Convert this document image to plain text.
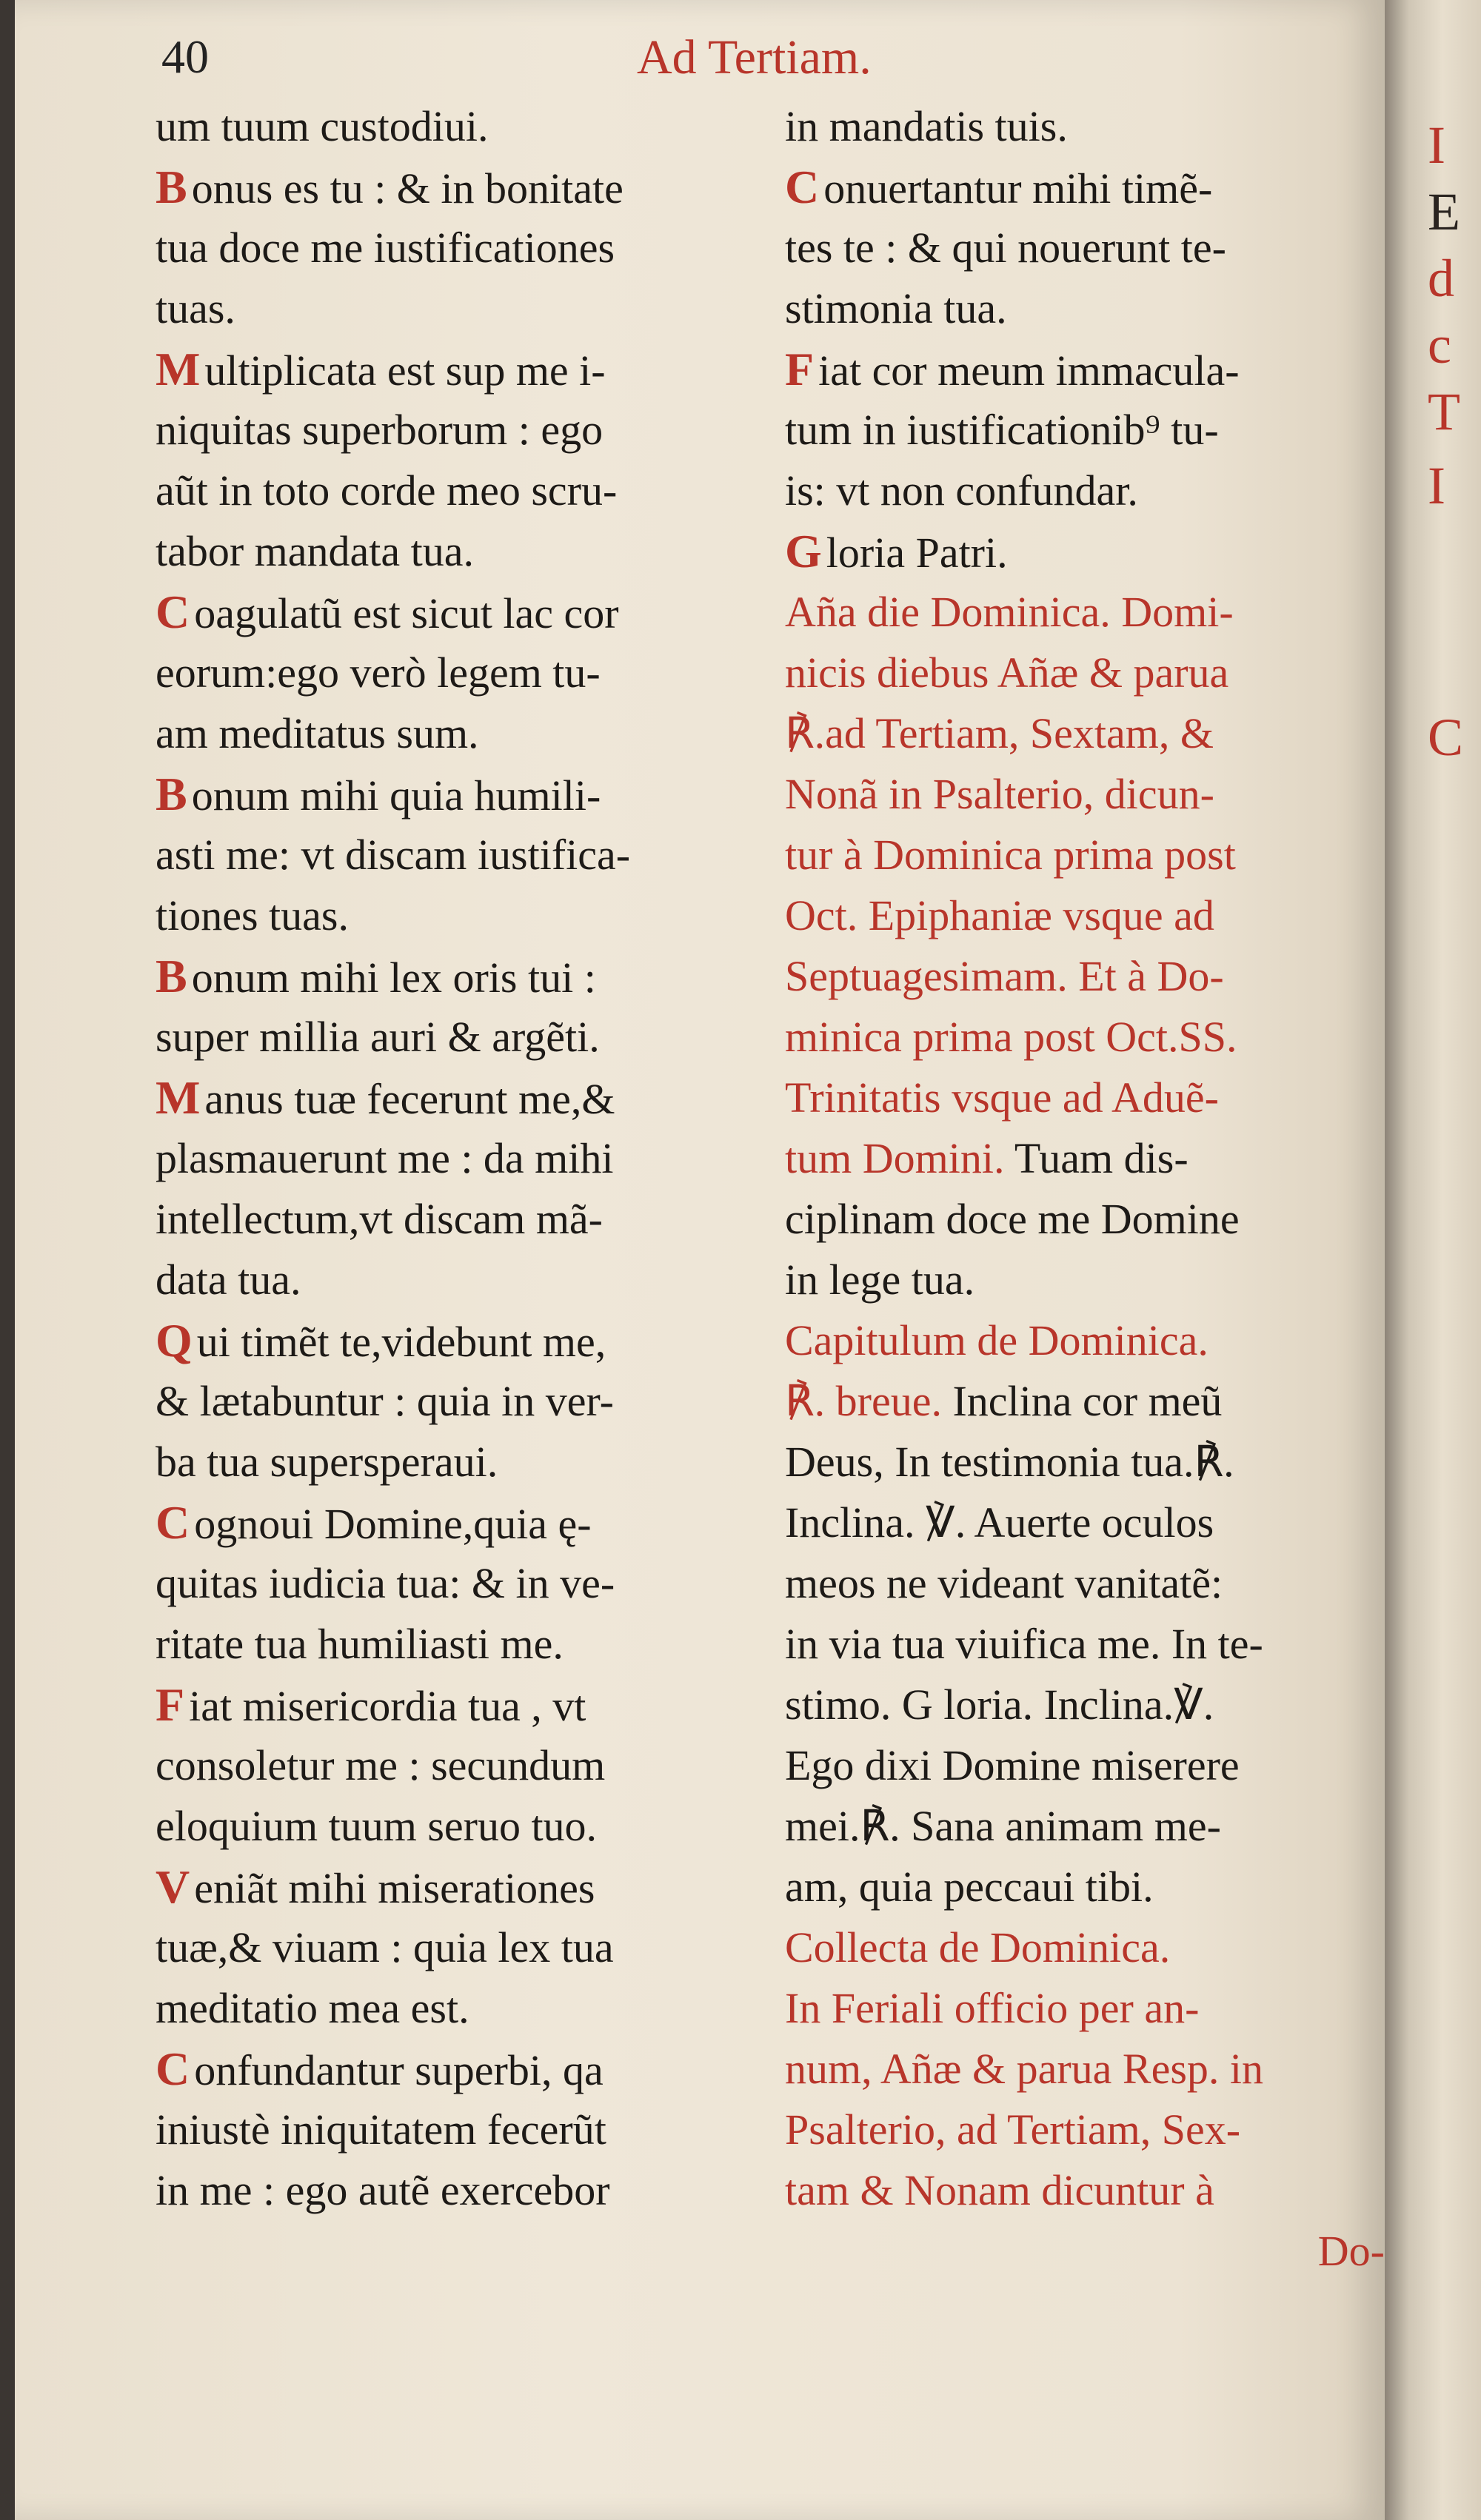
40	Ad Tertiam.
um tuum custodiui.
B onus es tu : & in bonitate
tua doce me iustificationes
tuas.
M ultiplicata est sup me i-
niquitas superborum : ego
aũt in toto corde meo scru-
tabor mandata tua.
C oagulatũ est sicut lac cor
eorum:ego verò legem tu-
am meditatus sum.
B onum mihi quia humili-
asti me: vt discam iustifica-
tiones tuas.
B onum mihi lex oris tui :
super millia auri & argẽti.
M anus tuæ fecerunt me,&
plasmauerunt me : da mihi
intellectum,vt discam mã-
data tua.
Q ui timẽt te,videbunt me,
& lætabuntur : quia in ver-
ba tua supersperaui.
C ognoui Domine,quia ę-
quitas iudicia tua: & in ve-
ritate tua humiliasti me.
F iat misericordia tua , vt
consoletur me : secundum
eloquium tuum seruo tuo.
V eniãt mihi miserationes
tuæ,& viuam : quia lex tua
meditatio mea est.
C onfundantur superbi, qa
iniustè iniquitatem fecerũt
in me : ego autẽ exercebor
in mandatis tuis.
C onuertantur mihi timẽ-
tes te : & qui nouerunt te-
stimonia tua.
F iat cor meum immacula-
tum in iustificationib⁹ tu-
is: vt non confundar.
G loria Patri.
Aña die Dominica. Domi-
nicis diebus Añæ & parua
℟.ad Tertiam, Sextam, &
Nonã in Psalterio, dicun-
tur à Dominica prima post
Oct. Epiphaniæ vsque ad
Septuagesimam. Et à Do-
minica prima post Oct.SS.
Trinitatis vsque ad Aduẽ-
tum Domini. Tuam dis-
ciplinam doce me Domine
in lege tua.
Capitulum de Dominica.
℟. breue. Inclina cor meũ
Deus, In testimonia tua.℟.
Inclina. ℣. Auerte oculos
meos ne videant vanitatẽ:
in via tua viuifica me. In te-
stimo. G loria. Inclina.℣.
Ego dixi Domine miserere
mei.℟. Sana animam me-
am, quia peccaui tibi.
Collecta de Dominica.
In Feriali officio per an-
num, Añæ & parua Resp. in
Psalterio, ad Tertiam, Sex-
tam & Nonam dicuntur à
Do-
I
E
d
c
T
I
C
